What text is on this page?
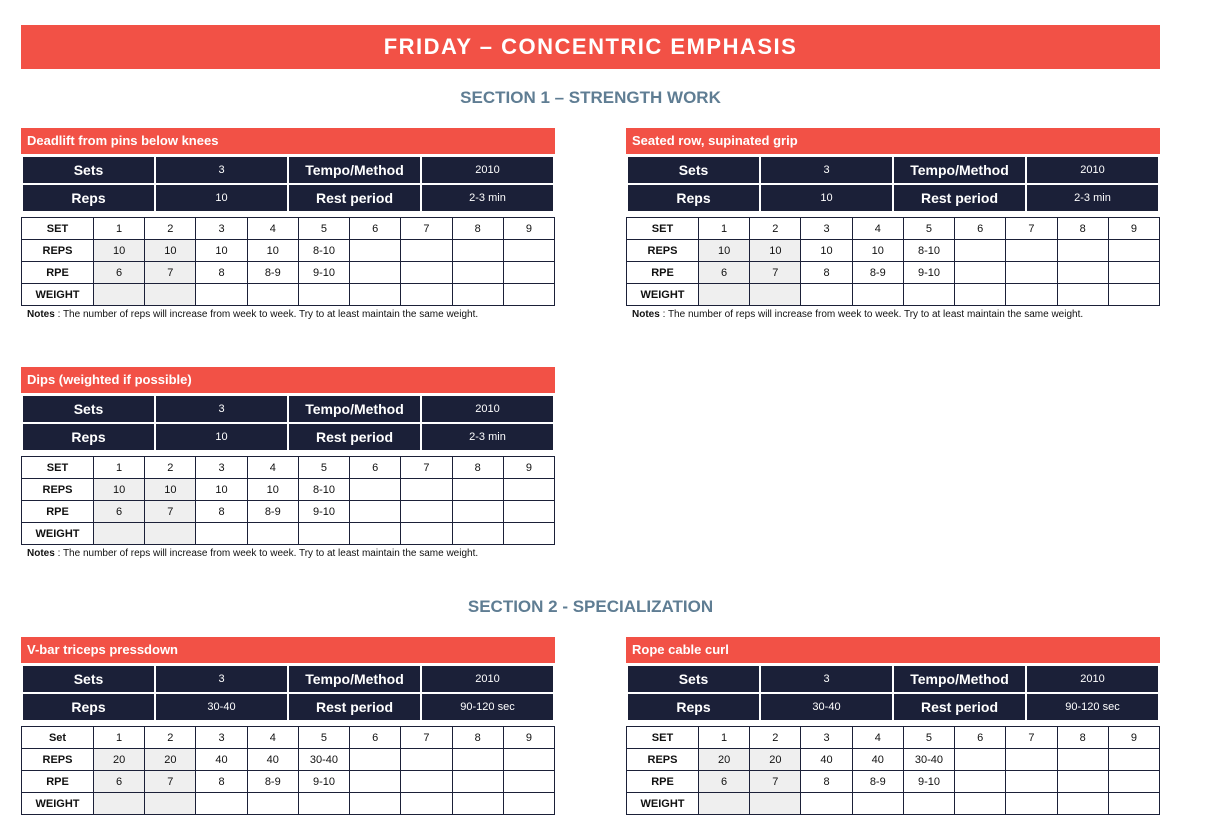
FRIDAY – CONCENTRIC EMPHASIS
SECTION 1 – STRENGTH WORK
SECTION 2 - SPECIALIZATION
Deadlift from pins below knees
Sets	3	Tempo/Method	2010
Reps	10	Rest period	2-3 min
SET	1	2	3	4	5	6	7	8	9
REPS	10	10	10	10	8-10				
RPE	6	7	8	8-9	9-10				
WEIGHT									
Notes : The number of reps will increase from week to week. Try to at least maintain the same weight.
Seated row, supinated grip
Sets	3	Tempo/Method	2010
Reps	10	Rest period	2-3 min
SET	1	2	3	4	5	6	7	8	9
REPS	10	10	10	10	8-10				
RPE	6	7	8	8-9	9-10				
WEIGHT									
Notes : The number of reps will increase from week to week. Try to at least maintain the same weight.
Dips (weighted if possible)
Sets	3	Tempo/Method	2010
Reps	10	Rest period	2-3 min
SET	1	2	3	4	5	6	7	8	9
REPS	10	10	10	10	8-10				
RPE	6	7	8	8-9	9-10				
WEIGHT									
Notes : The number of reps will increase from week to week. Try to at least maintain the same weight.
V-bar triceps pressdown
Sets	3	Tempo/Method	2010
Reps	30-40	Rest period	90-120 sec
Set	1	2	3	4	5	6	7	8	9
REPS	20	20	40	40	30-40				
RPE	6	7	8	8-9	9-10				
WEIGHT									
Rope cable curl
Sets	3	Tempo/Method	2010
Reps	30-40	Rest period	90-120 sec
SET	1	2	3	4	5	6	7	8	9
REPS	20	20	40	40	30-40				
RPE	6	7	8	8-9	9-10				
WEIGHT									
